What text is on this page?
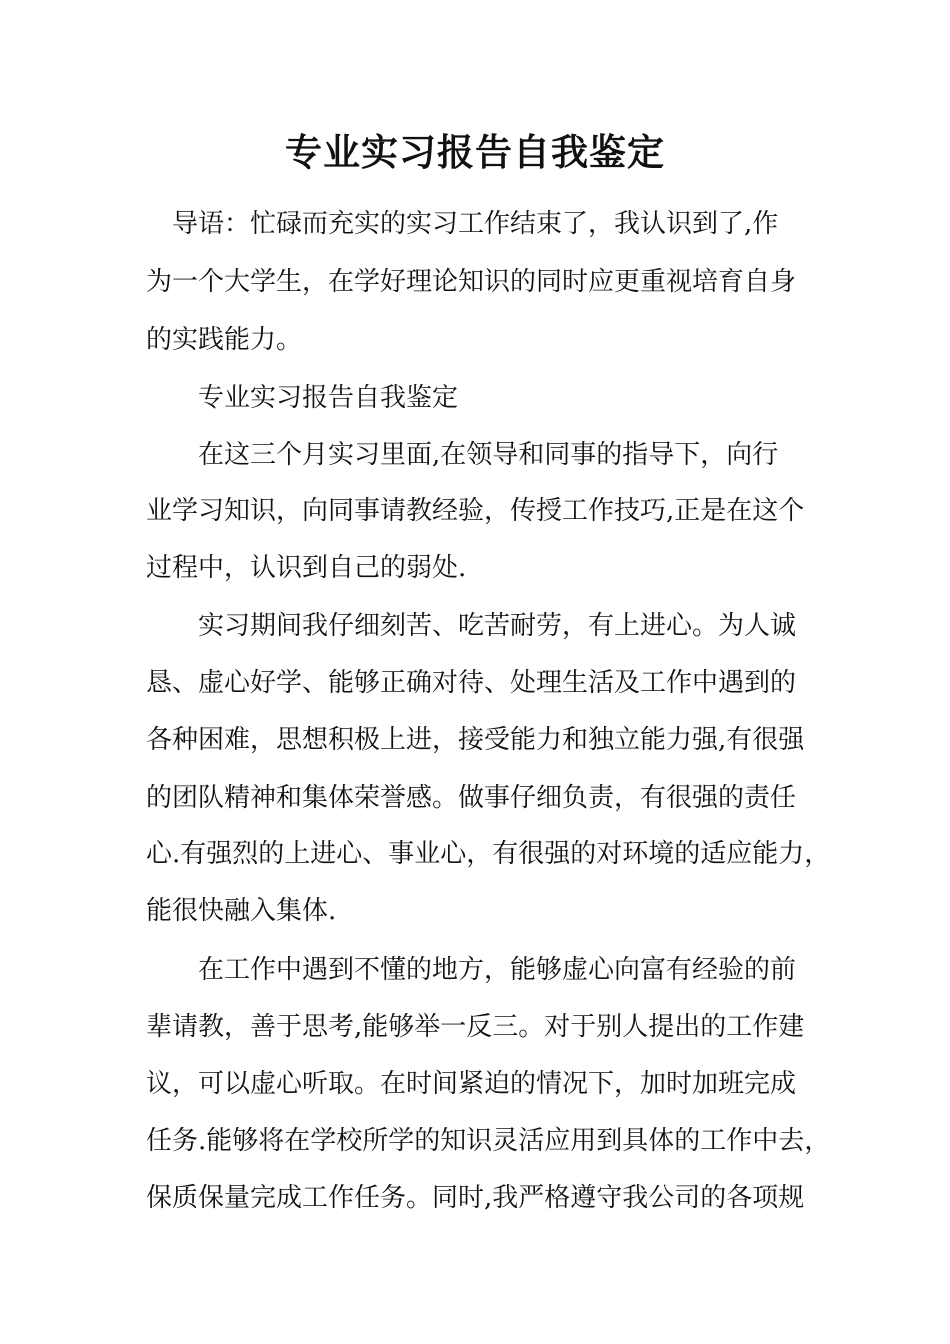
专业实习报告自我鉴定
　导语：忙碌而充实的实习工作结束了，我认识到了,作
为一个大学生，在学好理论知识的同时应更重视培育自身
的实践能力。
　　专业实习报告自我鉴定
　　在这三个月实习里面,在领导和同事的指导下，向行
业学习知识，向同事请教经验，传授工作技巧,正是在这个
过程中，认识到自己的弱处.
　　实习期间我仔细刻苦、吃苦耐劳，有上进心。为人诚
恳、虚心好学、能够正确对待、处理生活及工作中遇到的
各种困难，思想积极上进，接受能力和独立能力强,有很强
的团队精神和集体荣誉感。做事仔细负责，有很强的责任
心.有强烈的上进心、事业心，有很强的对环境的适应能力，
能很快融入集体.
　　在工作中遇到不懂的地方，能够虚心向富有经验的前
辈请教，善于思考,能够举一反三。对于别人提出的工作建
议，可以虚心听取。在时间紧迫的情况下，加时加班完成
任务.能够将在学校所学的知识灵活应用到具体的工作中去，
保质保量完成工作任务。同时,我严格遵守我公司的各项规
